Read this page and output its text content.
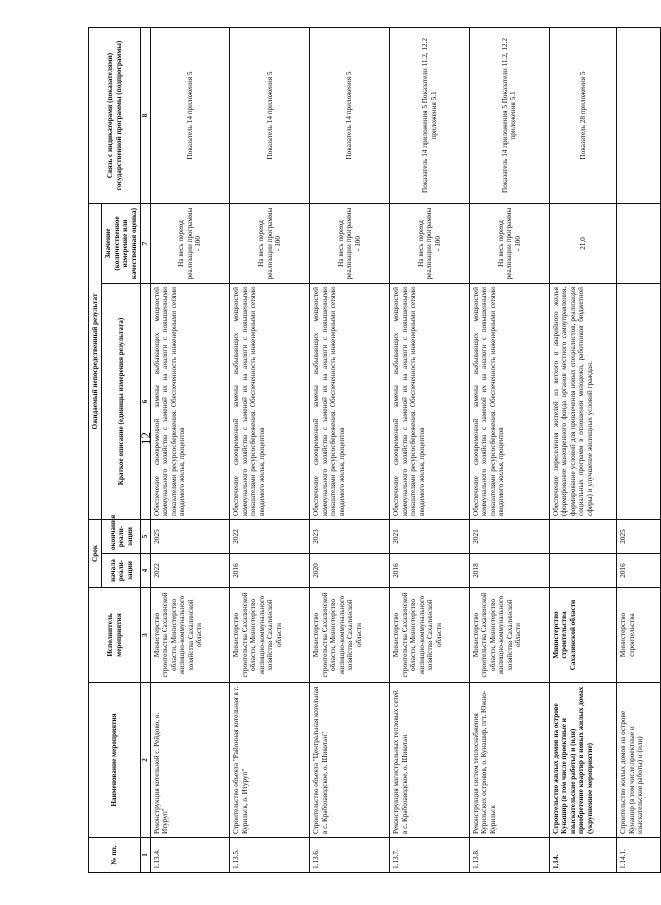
12
№ пп.	Наименование мероприятия	Исполнитель мероприятия	Срок		Ожидаемый непосредственный результат		Связь с индикаторами (показателями) государственной программы (подпрограммы)
			начала реали-зации	окончания реали-зации	Краткое описание (единицы измерения результата)	Значение (количественное измерение или качественная оценка)	

1	2	3	4	5	6	7	8
1.13.4.	Реконструкция котельной с. Рейдово, о. Итуруп"	Министерство строительства Сахалинской области, Министерство жилищно-коммунального хозяйства Сахалинской области	2022	2025	Обеспечение своевременной замены выбывающих мощностей коммунального хозяйства с заменой их на аналоги с повышенными показателями ресурсосбережения. Обеспеченность инженерными сетями вводимого жилья, процентов	На весь период реализации программы - 100	Показатель 14 приложения 5
1.13.5.	Строительство объекта "Районная котельная в г. Курильск, о. Итуруп"	Министерство строительства Сахалинской области, Министерство жилищно-коммунального хозяйства Сахалинской области	2016	2022	Обеспечение своевременной замены выбывающих мощностей коммунального хозяйства с заменой их на аналоги с повышенными показателями ресурсосбережения. Обеспеченность инженерными сетями вводимого жилья, процентов	На весь период реализации программы - 100	Показатель 14 приложения 5
1.13.6.	Строительство объекта "Центральная котельная в с. Крабозаводское, о. Шикотан"	Министерство строительства Сахалинской области, Министерство жилищно-коммунального хозяйства Сахалинской области	2020	2023	Обеспечение своевременной замены выбывающих мощностей коммунального хозяйства с заменой их на аналоги с повышенными показателями ресурсосбережения. Обеспеченность инженерными сетями вводимого жилья, процентов	На весь период реализации программы - 100	Показатель 14 приложения 5
1.13.7.	Реконструкция магистральных тепловых сетей в с. Крабозаводское, о. Шикотан	Министерство строительства Сахалинской области, Министерство жилищно-коммунального хозяйства Сахалинской области	2016	2021	Обеспечение своевременной замены выбывающих мощностей коммунального хозяйства с заменой их на аналоги с повышенными показателями ресурсосбережения. Обеспеченность инженерными сетями вводимого жилья, процентов	На весь период реализации программы - 100	Показатель 14 приложения 5 Показатели 11.2, 12.2 приложения 5.1
1.13.8.	Реконструкция систем теплоснабжения Курильских островов, о. Кунашир, пгт. Южно-Курильск	Министерство строительства Сахалинской области, Министерство жилищно-коммунального хозяйства Сахалинской области	2018	2021	Обеспечение своевременной замены выбывающих мощностей коммунального хозяйства с заменой их на аналоги с повышенными показателями ресурсосбережения. Обеспеченность инженерными сетями вводимого жилья, процентов	На весь период реализации программы - 100	Показатель 14 приложения 5 Показатели 11.2, 12.2 приложения 5.1
1.14.	Строительство жилых домов на острове Кунашир (в том числе проектные и изыскательские работы) и (или) приобретение квартир в новых жилых домах (укрупненное мероприятие)	Министерство строительства Сахалинской области			Обеспечение переселения жителей из ветхого и аварийного жилья (формирование маневренного фонда органов местного самоуправления, формирование условий для привлечения новых специалистов, реализация социальных программ в отношении молодежи, работников бюджетной сферы) и улучшение жилищных условий граждан.	21,0	Показатель 28 приложения 5
1.14.1.	Строительство жилых домов на острове Кунашир (в том числе проектные и изыскательские работы) и (или)	Министерство строительства	2016	2025			
